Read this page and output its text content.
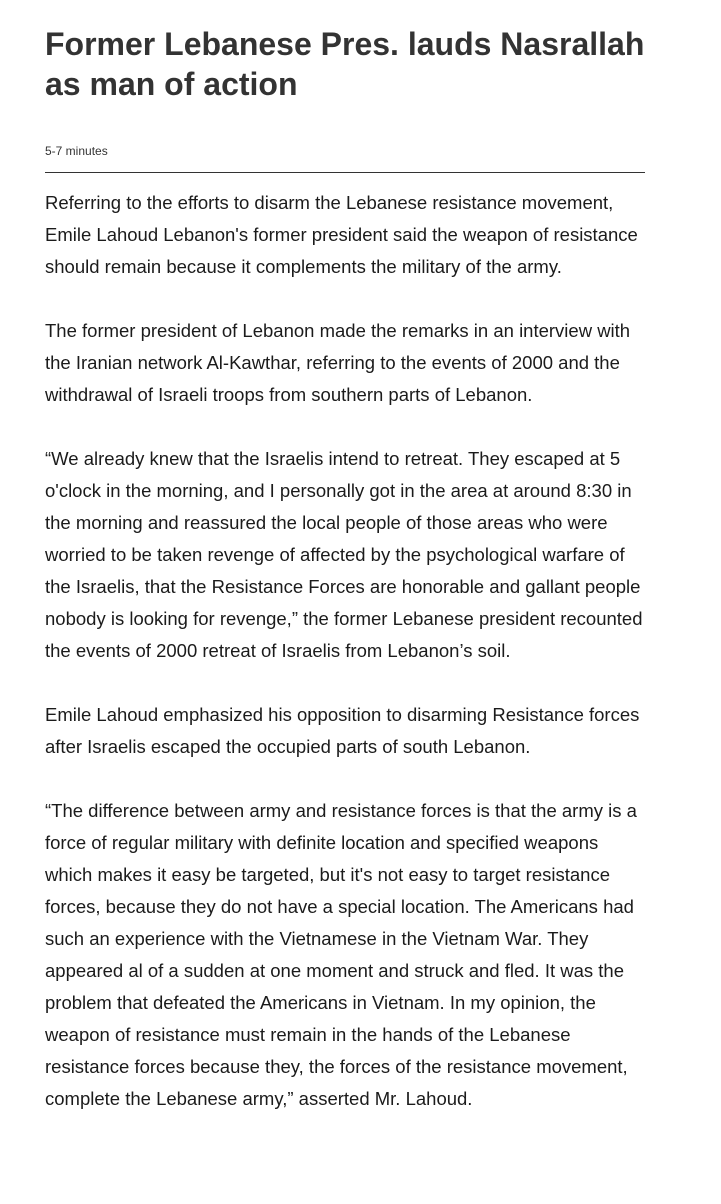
Former Lebanese Pres. lauds Nasrallah as man of action
5-7 minutes

Referring to the efforts to disarm the Lebanese resistance movement, Emile Lahoud Lebanon's former president said the weapon of resistance should remain because it complements the military of the army.

The former president of Lebanon made the remarks in an interview with the Iranian network Al-Kawthar, referring to the events of 2000 and the withdrawal of Israeli troops from southern parts of Lebanon.

“We already knew that the Israelis intend to retreat. They escaped at 5 o'clock in the morning, and I personally got in the area at around 8:30 in the morning and reassured the local people of those areas who were worried to be taken revenge of affected by the psychological warfare of the Israelis, that the Resistance Forces are honorable and gallant people nobody is looking for revenge,” the former Lebanese president recounted the events of 2000 retreat of Israelis from Lebanon’s soil.

Emile Lahoud emphasized his opposition to disarming Resistance forces after Israelis escaped the occupied parts of south Lebanon.

“The difference between army and resistance forces is that the army is a force of regular military with definite location and specified weapons which makes it easy be targeted, but it's not easy to target resistance forces, because they do not have a special location. The Americans had such an experience with the Vietnamese in the Vietnam War. They appeared al of a sudden at one moment and struck and fled. It was the problem that defeated the Americans in Vietnam. In my opinion, the weapon of resistance must remain in the hands of the Lebanese resistance forces because they, the forces of the resistance movement, complete the Lebanese army,” asserted Mr. Lahoud.
